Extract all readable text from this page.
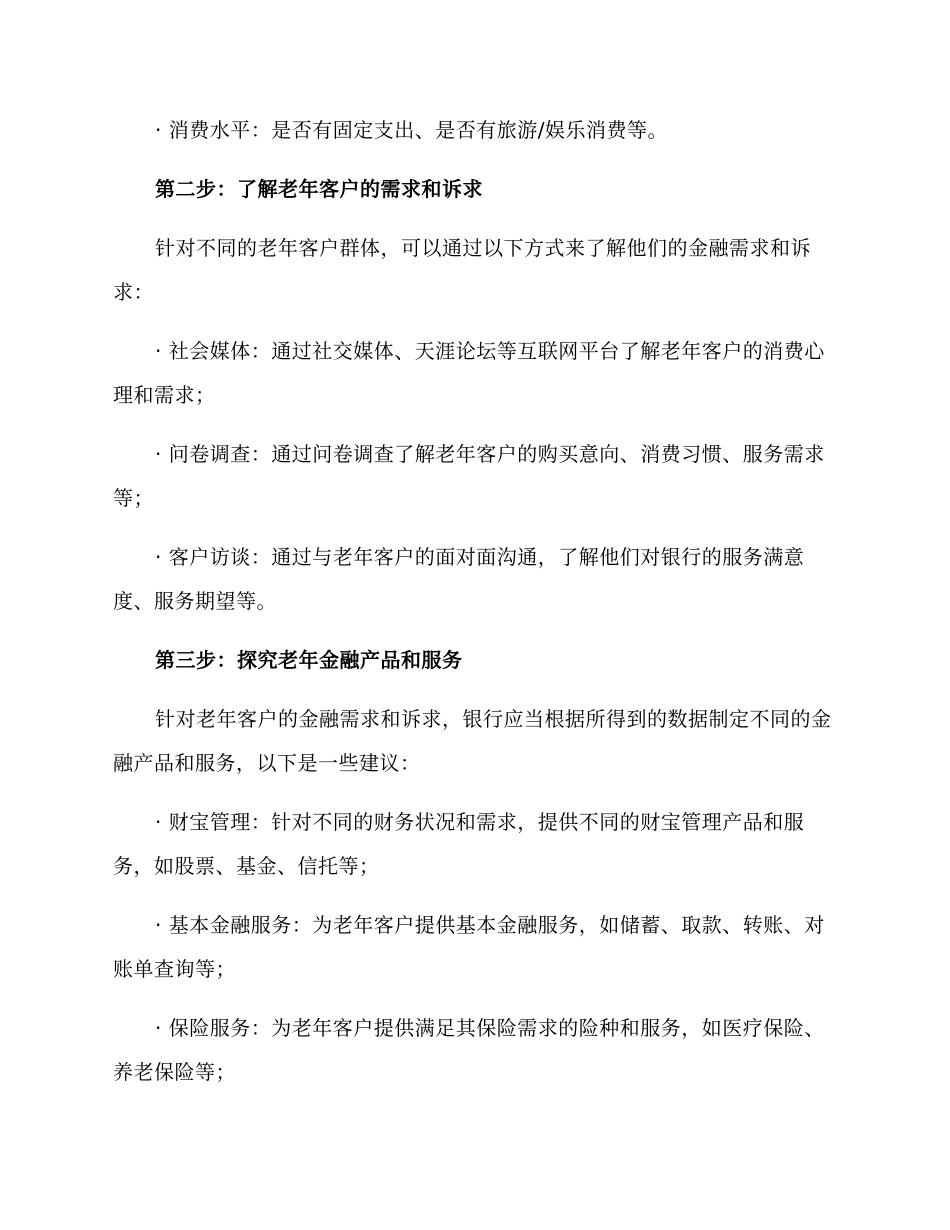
· 消费水平：是否有固定支出、是否有旅游/娱乐消费等。

第二步：了解老年客户的需求和诉求

针对不同的老年客户群体，可以通过以下方式来了解他们的金融需求和诉求：

· 社会媒体：通过社交媒体、天涯论坛等互联网平台了解老年客户的消费心理和需求；

· 问卷调查：通过问卷调查了解老年客户的购买意向、消费习惯、服务需求等；

· 客户访谈：通过与老年客户的面对面沟通，了解他们对银行的服务满意度、服务期望等。

第三步：探究老年金融产品和服务

针对老年客户的金融需求和诉求，银行应当根据所得到的数据制定不同的金融产品和服务，以下是一些建议：

· 财宝管理：针对不同的财务状况和需求，提供不同的财宝管理产品和服务，如股票、基金、信托等；

· 基本金融服务：为老年客户提供基本金融服务，如储蓄、取款、转账、对账单查询等；

· 保险服务：为老年客户提供满足其保险需求的险种和服务，如医疗保险、养老保险等；
